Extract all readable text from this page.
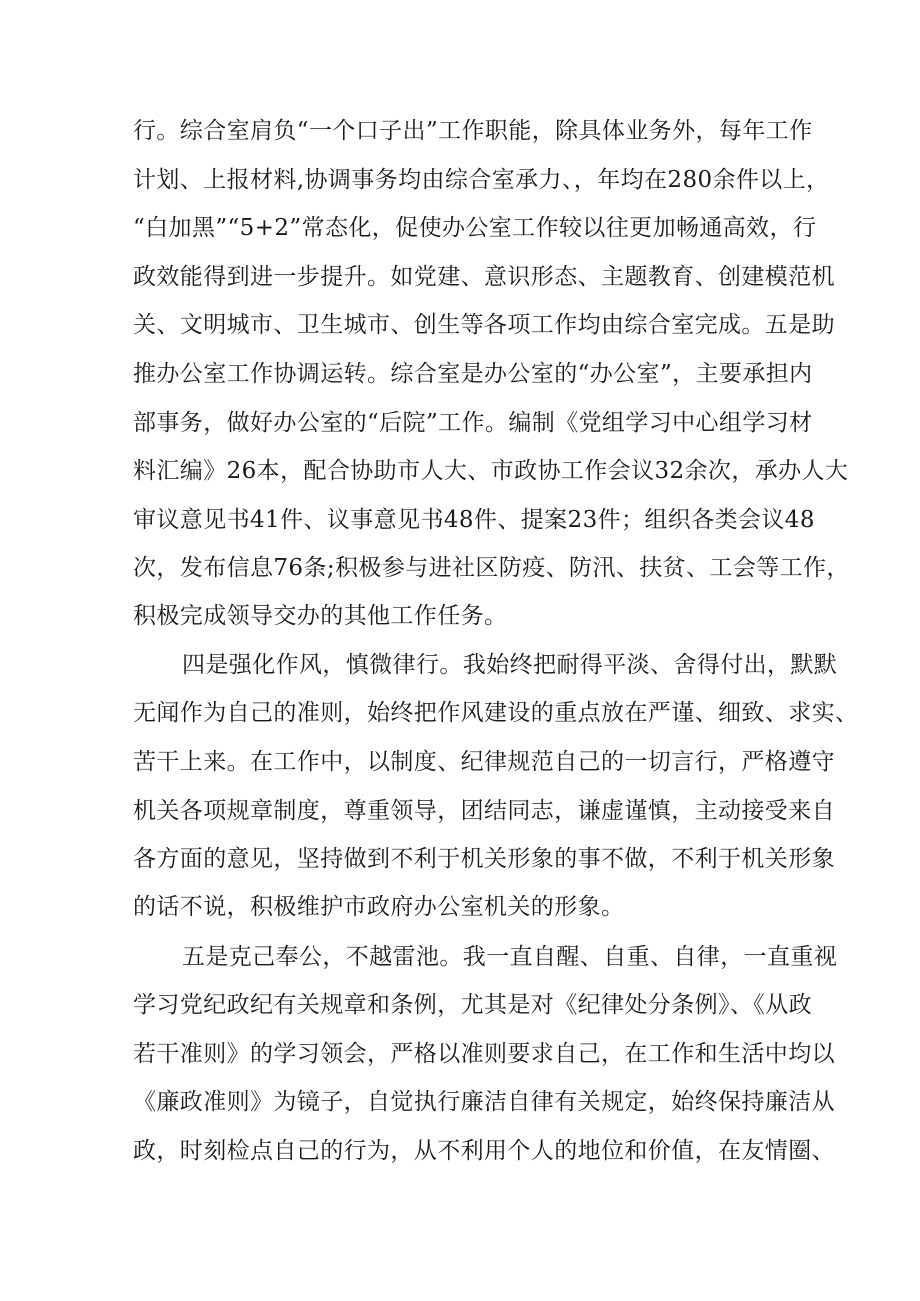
行。综合室肩负“一个口子出”工作职能，除具体业务外，每年工作
计划、上报材料,协调事务均由综合室承力、，年均在280余件以上，
“白加黑”“5+2”常态化，促使办公室工作较以往更加畅通高效，行
政效能得到进一步提升。如党建、意识形态、主题教育、创建模范机
关、文明城市、卫生城市、创生等各项工作均由综合室完成。五是助
推办公室工作协调运转。综合室是办公室的“办公室”，主要承担内
部事务，做好办公室的“后院”工作。编制《党组学习中心组学习材
料汇编》26本，配合协助市人大、市政协工作会议32余次，承办人大
审议意见书41件、议事意见书48件、提案23件；组织各类会议48
次，发布信息76条;积极参与进社区防疫、防汛、扶贫、工会等工作，
积极完成领导交办的其他工作任务。
四是强化作风，慎微律行。我始终把耐得平淡、舍得付出，默默
无闻作为自己的准则，始终把作风建设的重点放在严谨、细致、求实、
苦干上来。在工作中，以制度、纪律规范自己的一切言行，严格遵守
机关各项规章制度，尊重领导，团结同志，谦虚谨慎，主动接受来自
各方面的意见，坚持做到不利于机关形象的事不做，不利于机关形象
的话不说，积极维护市政府办公室机关的形象。
五是克己奉公，不越雷池。我一直自醒、自重、自律，一直重视
学习党纪政纪有关规章和条例，尤其是对《纪律处分条例》、《从政
若干准则》的学习领会，严格以准则要求自己，在工作和生活中均以
《廉政准则》为镜子，自觉执行廉洁自律有关规定，始终保持廉洁从
政，时刻检点自己的行为，从不利用个人的地位和价值，在友情圈、
